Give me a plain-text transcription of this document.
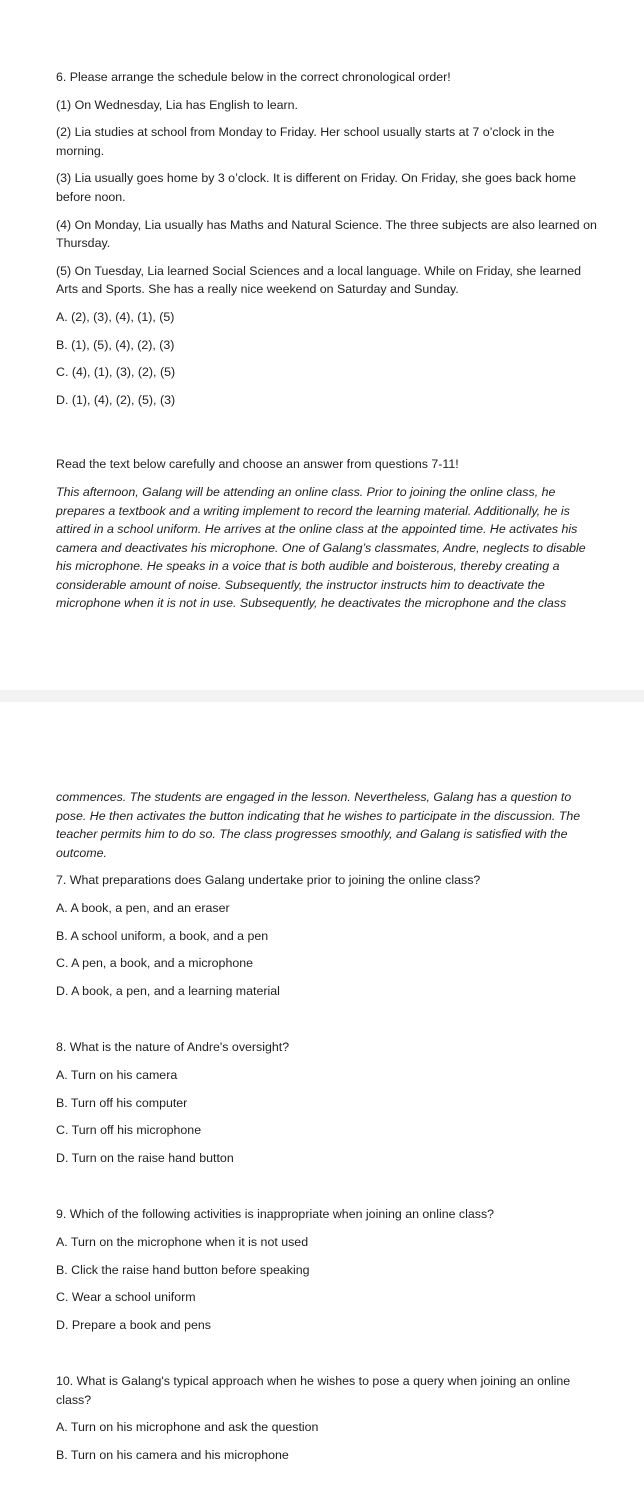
6. Please arrange the schedule below in the correct chronological order!

(1) On Wednesday, Lia has English to learn.

(2) Lia studies at school from Monday to Friday. Her school usually starts at 7 o’clock in the morning.

(3) Lia usually goes home by 3 o’clock. It is different on Friday. On Friday, she goes back home before noon.

(4) On Monday, Lia usually has Maths and Natural Science. The three subjects are also learned on Thursday.

(5) On Tuesday, Lia learned Social Sciences and a local language. While on Friday, she learned Arts and Sports. She has a really nice weekend on Saturday and Sunday.

A. (2), (3), (4), (1), (5)

B. (1), (5), (4), (2), (3)

C. (4), (1), (3), (2), (5)

D. (1), (4), (2), (5), (3)

Read the text below carefully and choose an answer from questions 7-11!

This afternoon, Galang will be attending an online class. Prior to joining the online class, he prepares a textbook and a writing implement to record the learning material. Additionally, he is attired in a school uniform. He arrives at the online class at the appointed time. He activates his camera and deactivates his microphone. One of Galang’s classmates, Andre, neglects to disable his microphone. He speaks in a voice that is both audible and boisterous, thereby creating a considerable amount of noise. Subsequently, the instructor instructs him to deactivate the microphone when it is not in use. Subsequently, he deactivates the microphone and the class

commences. The students are engaged in the lesson. Nevertheless, Galang has a question to pose. He then activates the button indicating that he wishes to participate in the discussion. The teacher permits him to do so. The class progresses smoothly, and Galang is satisfied with the outcome.

7. What preparations does Galang undertake prior to joining the online class?

A. A book, a pen, and an eraser

B. A school uniform, a book, and a pen

C. A pen, a book, and a microphone

D. A book, a pen, and a learning material

8. What is the nature of Andre's oversight?

A. Turn on his camera

B. Turn off his computer

C. Turn off his microphone

D. Turn on the raise hand button

9. Which of the following activities is inappropriate when joining an online class?

A. Turn on the microphone when it is not used

B. Click the raise hand button before speaking

C. Wear a school uniform

D. Prepare a book and pens

10. What is Galang's typical approach when he wishes to pose a query when joining an online class?

A. Turn on his microphone and ask the question

B. Turn on his camera and his microphone
